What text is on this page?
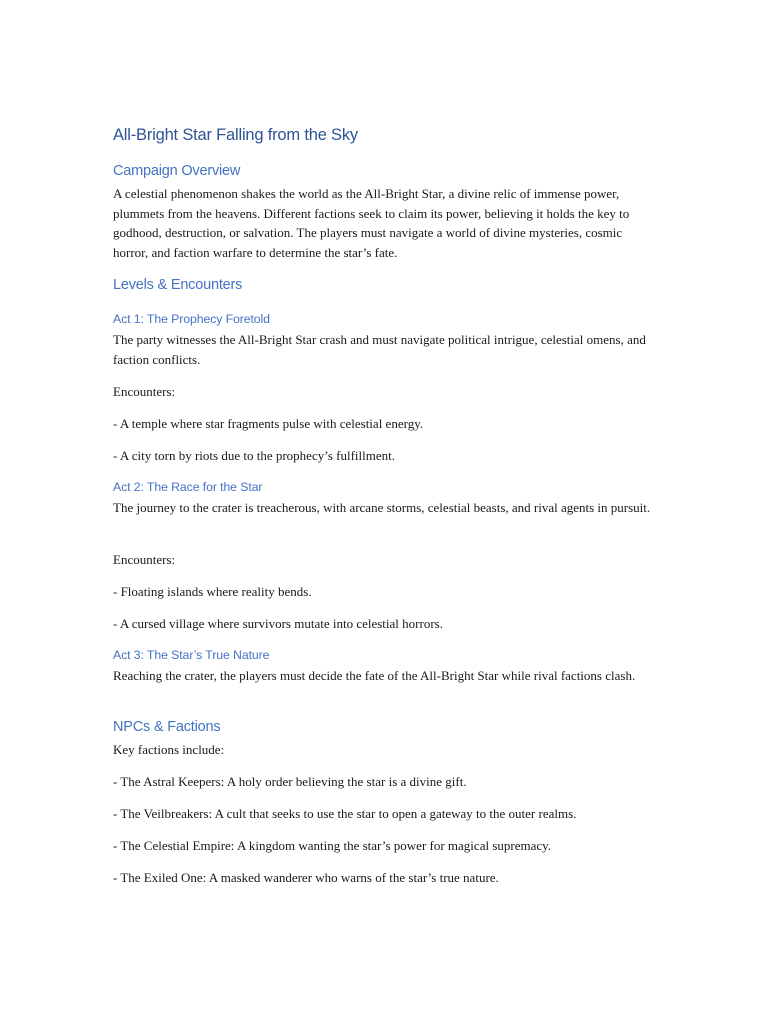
All-Bright Star Falling from the Sky
Campaign Overview

A celestial phenomenon shakes the world as the All-Bright Star, a divine relic of immense power, plummets from the heavens. Different factions seek to claim its power, believing it holds the key to godhood, destruction, or salvation. The players must navigate a world of divine mysteries, cosmic horror, and faction warfare to determine the star’s fate.

Levels & Encounters
Act 1: The Prophecy Foretold

The party witnesses the All-Bright Star crash and must navigate political intrigue, celestial omens, and faction conflicts.

Encounters:

- A temple where star fragments pulse with celestial energy.

- A city torn by riots due to the prophecy’s fulfillment.

Act 2: The Race for the Star

The journey to the crater is treacherous, with arcane storms, celestial beasts, and rival agents in pursuit.

Encounters:

- Floating islands where reality bends.

- A cursed village where survivors mutate into celestial horrors.

Act 3: The Star’s True Nature

Reaching the crater, the players must decide the fate of the All-Bright Star while rival factions clash.

NPCs & Factions

Key factions include:

- The Astral Keepers: A holy order believing the star is a divine gift.

- The Veilbreakers: A cult that seeks to use the star to open a gateway to the outer realms.

- The Celestial Empire: A kingdom wanting the star’s power for magical supremacy.

- The Exiled One: A masked wanderer who warns of the star’s true nature.
